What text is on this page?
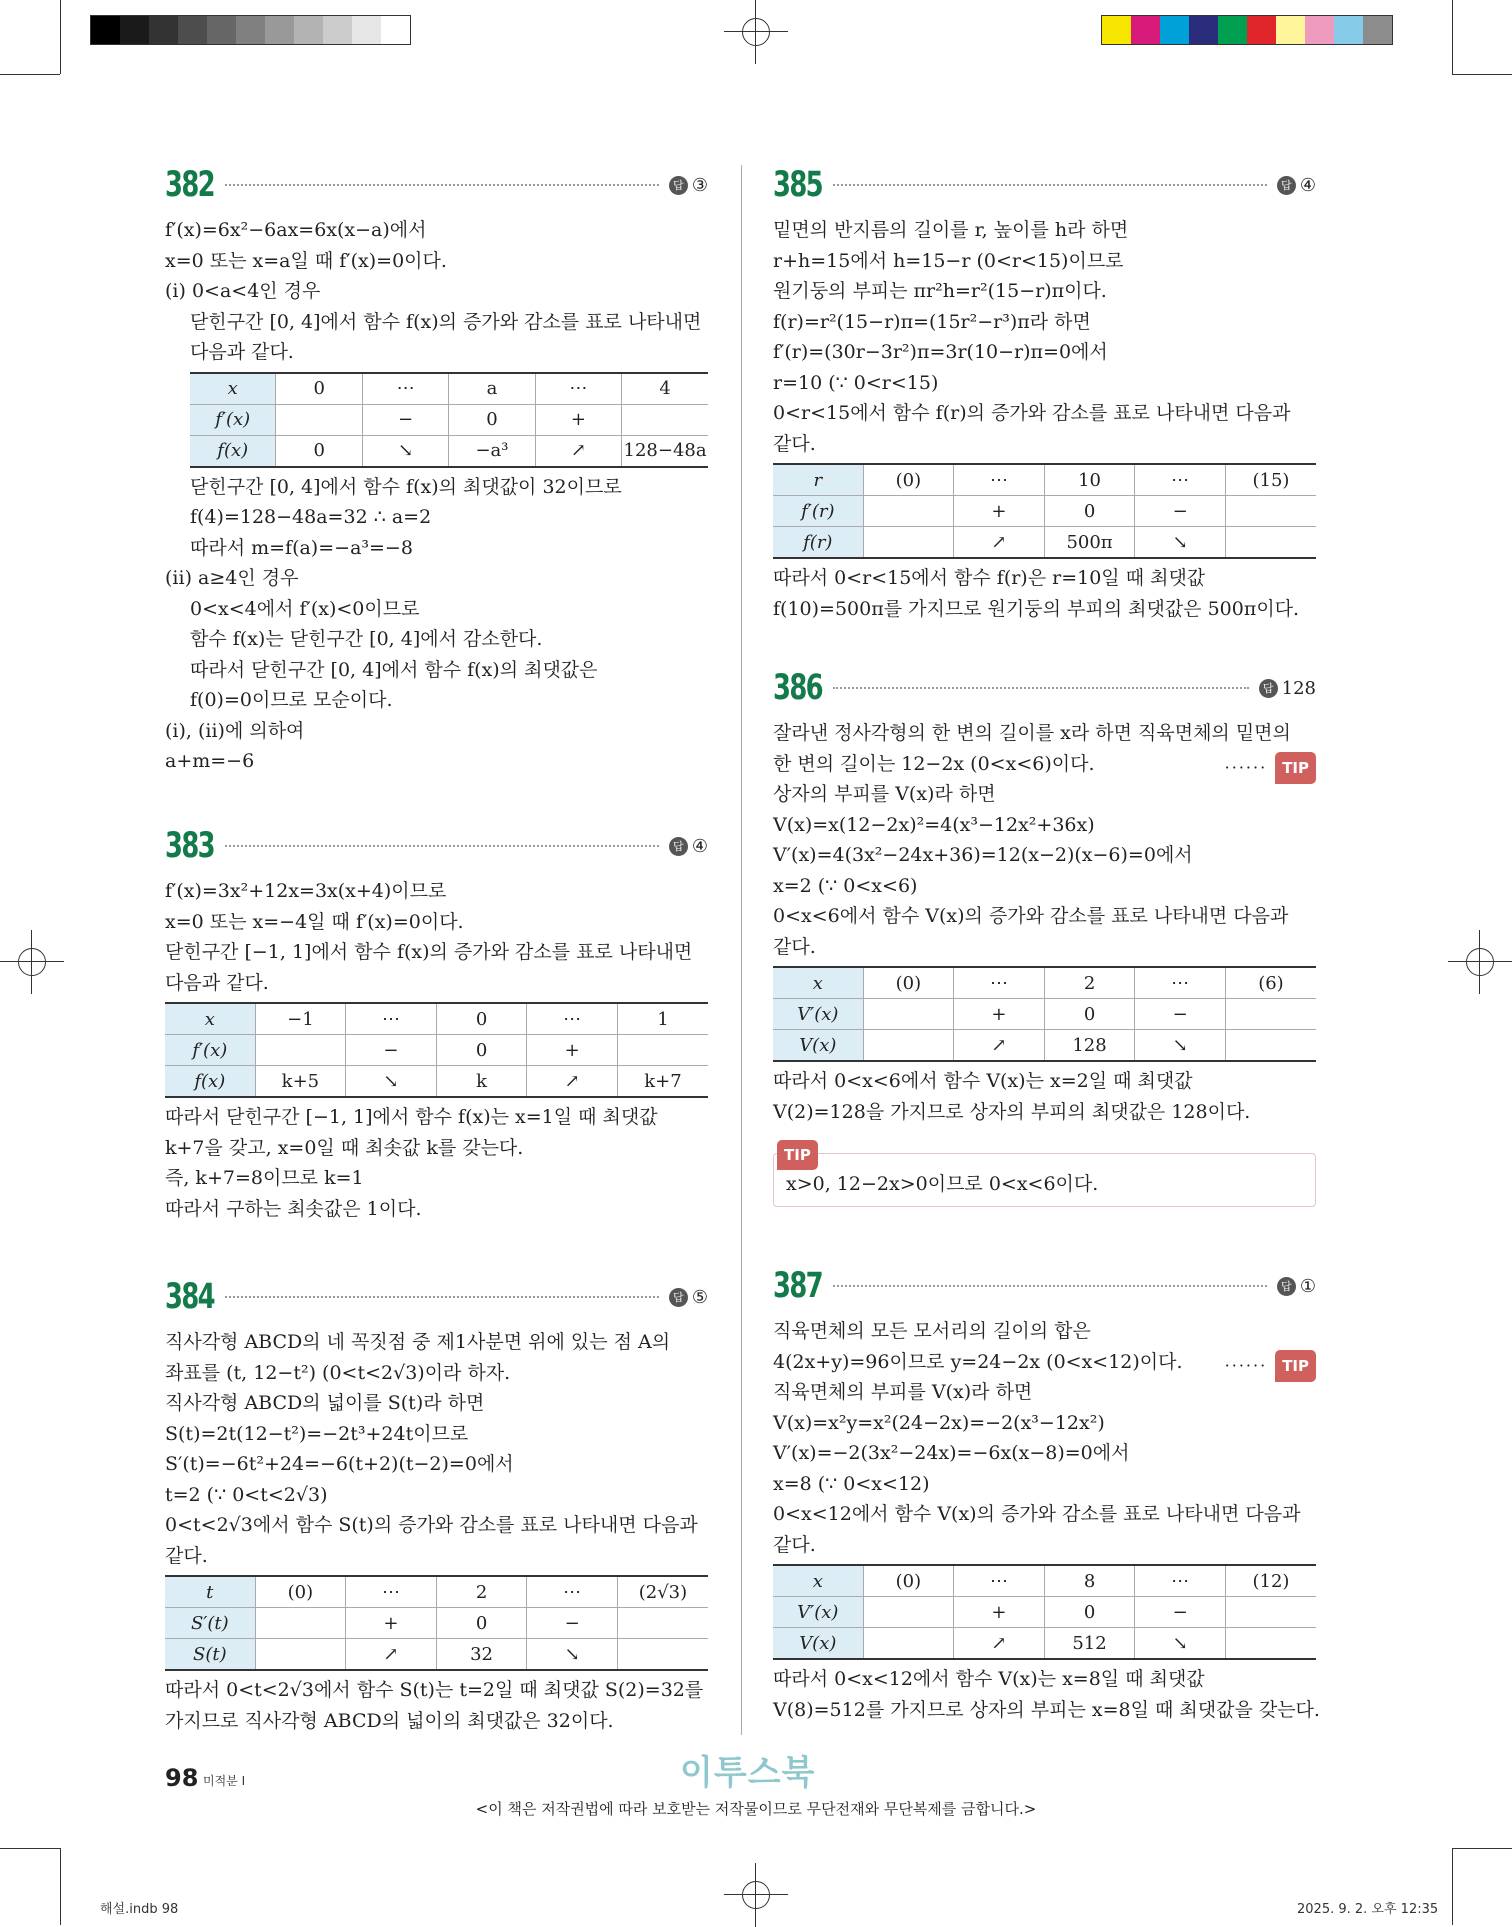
382	답 ③
f′(x)=6x²−6ax=6x(x−a)에서
x=0 또는 x=a일 때 f′(x)=0이다.
(i) 0<a<4인 경우
닫힌구간 [0, 4]에서 함수 f(x)의 증가와 감소를 표로 나타내면
다음과 같다.
x	0	⋯	a	⋯	4
f′(x)		−	0	+	
f(x)	0	↘	−a³	↗	128−48a
닫힌구간 [0, 4]에서 함수 f(x)의 최댓값이 32이므로
f(4)=128−48a=32 ∴ a=2
따라서 m=f(a)=−a³=−8
(ii) a≥4인 경우
0<x<4에서 f′(x)<0이므로
함수 f(x)는 닫힌구간 [0, 4]에서 감소한다.
따라서 닫힌구간 [0, 4]에서 함수 f(x)의 최댓값은
f(0)=0이므로 모순이다.
(i), (ii)에 의하여
a+m=−6
383	답 ④
f′(x)=3x²+12x=3x(x+4)이므로
x=0 또는 x=−4일 때 f′(x)=0이다.
닫힌구간 [−1, 1]에서 함수 f(x)의 증가와 감소를 표로 나타내면
다음과 같다.
x	−1	⋯	0	⋯	1
f′(x)		−	0	+	
f(x)	k+5	↘	k	↗	k+7
따라서 닫힌구간 [−1, 1]에서 함수 f(x)는 x=1일 때 최댓값
k+7을 갖고, x=0일 때 최솟값 k를 갖는다.
즉, k+7=8이므로 k=1
따라서 구하는 최솟값은 1이다.
384	답 ⑤
직사각형 ABCD의 네 꼭짓점 중 제1사분면 위에 있는 점 A의
좌표를 (t, 12−t²) (0<t<2√3)이라 하자.
직사각형 ABCD의 넓이를 S(t)라 하면
S(t)=2t(12−t²)=−2t³+24t이므로
S′(t)=−6t²+24=−6(t+2)(t−2)=0에서
t=2 (∵ 0<t<2√3)
0<t<2√3에서 함수 S(t)의 증가와 감소를 표로 나타내면 다음과
같다.
t	(0)	⋯	2	⋯	(2√3)
S′(t)		+	0	−	
S(t)		↗	32	↘	
따라서 0<t<2√3에서 함수 S(t)는 t=2일 때 최댓값 S(2)=32를
가지므로 직사각형 ABCD의 넓이의 최댓값은 32이다.
385	답 ④
밑면의 반지름의 길이를 r, 높이를 h라 하면
r+h=15에서 h=15−r (0<r<15)이므로
원기둥의 부피는 πr²h=r²(15−r)π이다.
f(r)=r²(15−r)π=(15r²−r³)π라 하면
f′(r)=(30r−3r²)π=3r(10−r)π=0에서
r=10 (∵ 0<r<15)
0<r<15에서 함수 f(r)의 증가와 감소를 표로 나타내면 다음과
같다.
r	(0)	⋯	10	⋯	(15)
f′(r)		+	0	−	
f(r)		↗	500π	↘	
따라서 0<r<15에서 함수 f(r)은 r=10일 때 최댓값
f(10)=500π를 가지므로 원기둥의 부피의 최댓값은 500π이다.
386	답 128
잘라낸 정사각형의 한 변의 길이를 x라 하면 직육면체의 밑면의
한 변의 길이는 12−2x (0<x<6)이다.	······	TIP
상자의 부피를 V(x)라 하면
V(x)=x(12−2x)²=4(x³−12x²+36x)
V′(x)=4(3x²−24x+36)=12(x−2)(x−6)=0에서
x=2 (∵ 0<x<6)
0<x<6에서 함수 V(x)의 증가와 감소를 표로 나타내면 다음과
같다.
x	(0)	⋯	2	⋯	(6)
V′(x)		+	0	−	
V(x)		↗	128	↘	
따라서 0<x<6에서 함수 V(x)는 x=2일 때 최댓값
V(2)=128을 가지므로 상자의 부피의 최댓값은 128이다.
TIP
x>0, 12−2x>0이므로 0<x<6이다.
387	답 ①
직육면체의 모든 모서리의 길이의 합은
4(2x+y)=96이므로 y=24−2x (0<x<12)이다.	······	TIP
직육면체의 부피를 V(x)라 하면
V(x)=x²y=x²(24−2x)=−2(x³−12x²)
V′(x)=−2(3x²−24x)=−6x(x−8)=0에서
x=8 (∵ 0<x<12)
0<x<12에서 함수 V(x)의 증가와 감소를 표로 나타내면 다음과
같다.
x	(0)	⋯	8	⋯	(12)
V′(x)		+	0	−	
V(x)		↗	512	↘	
따라서 0<x<12에서 함수 V(x)는 x=8일 때 최댓값
V(8)=512를 가지므로 상자의 부피는 x=8일 때 최댓값을 갖는다.
98 미적분 I	이투스북
<이 책은 저작권법에 따라 보호받는 저작물이므로 무단전재와 무단복제를 금합니다.>
해설.indb 98	2025. 9. 2. 오후 12:35
